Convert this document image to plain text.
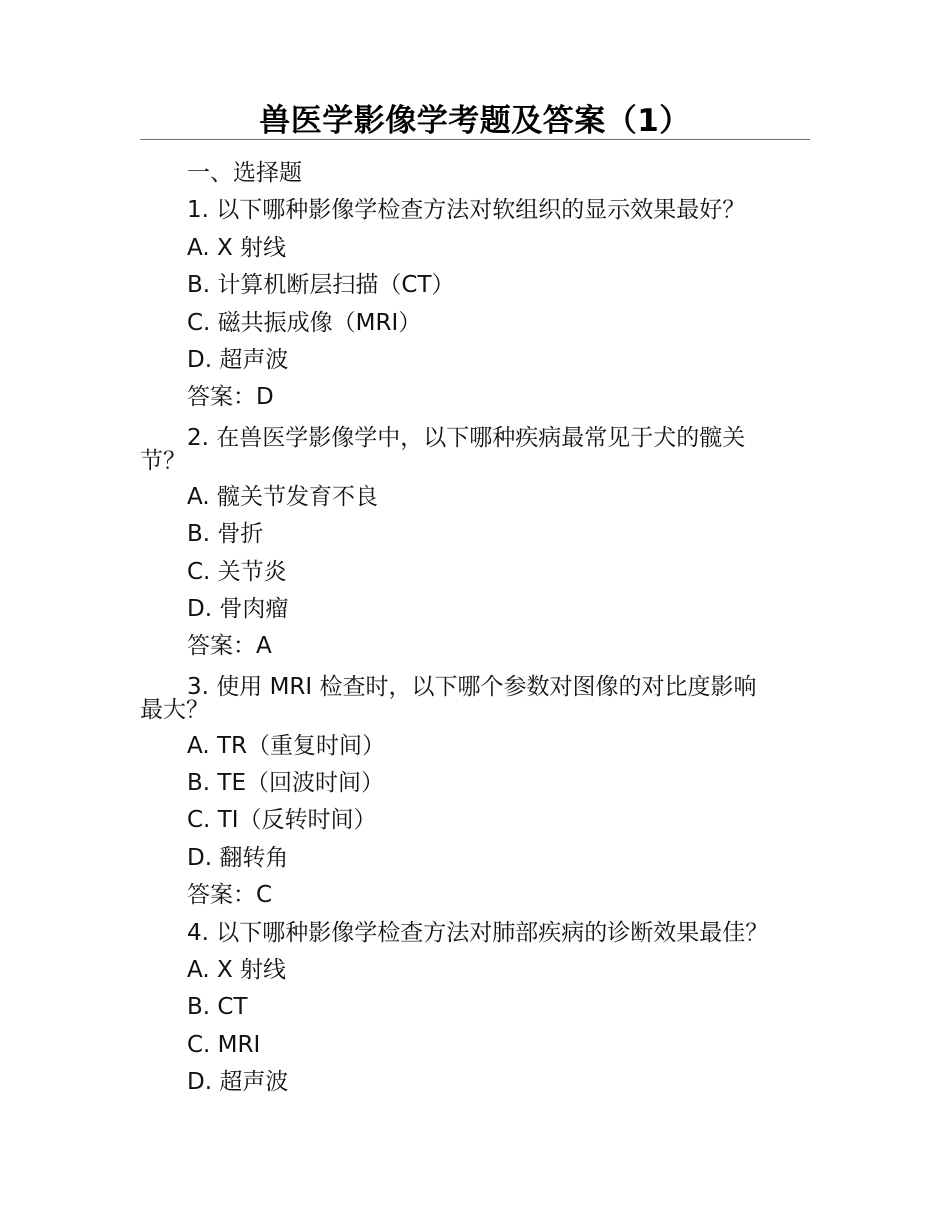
兽医学影像学考题及答案（1）
一、选择题
1. 以下哪种影像学检查方法对软组织的显示效果最好？
A. X 射线
B. 计算机断层扫描（CT）
C. 磁共振成像（MRI）
D. 超声波
答案：D
2. 在兽医学影像学中，以下哪种疾病最常见于犬的髋关
节？
A. 髋关节发育不良
B. 骨折
C. 关节炎
D. 骨肉瘤
答案：A
3. 使用 MRI 检查时，以下哪个参数对图像的对比度影响
最大？
A. TR（重复时间）
B. TE（回波时间）
C. TI（反转时间）
D. 翻转角
答案：C
4. 以下哪种影像学检查方法对肺部疾病的诊断效果最佳？
A. X 射线
B. CT
C. MRI
D. 超声波
